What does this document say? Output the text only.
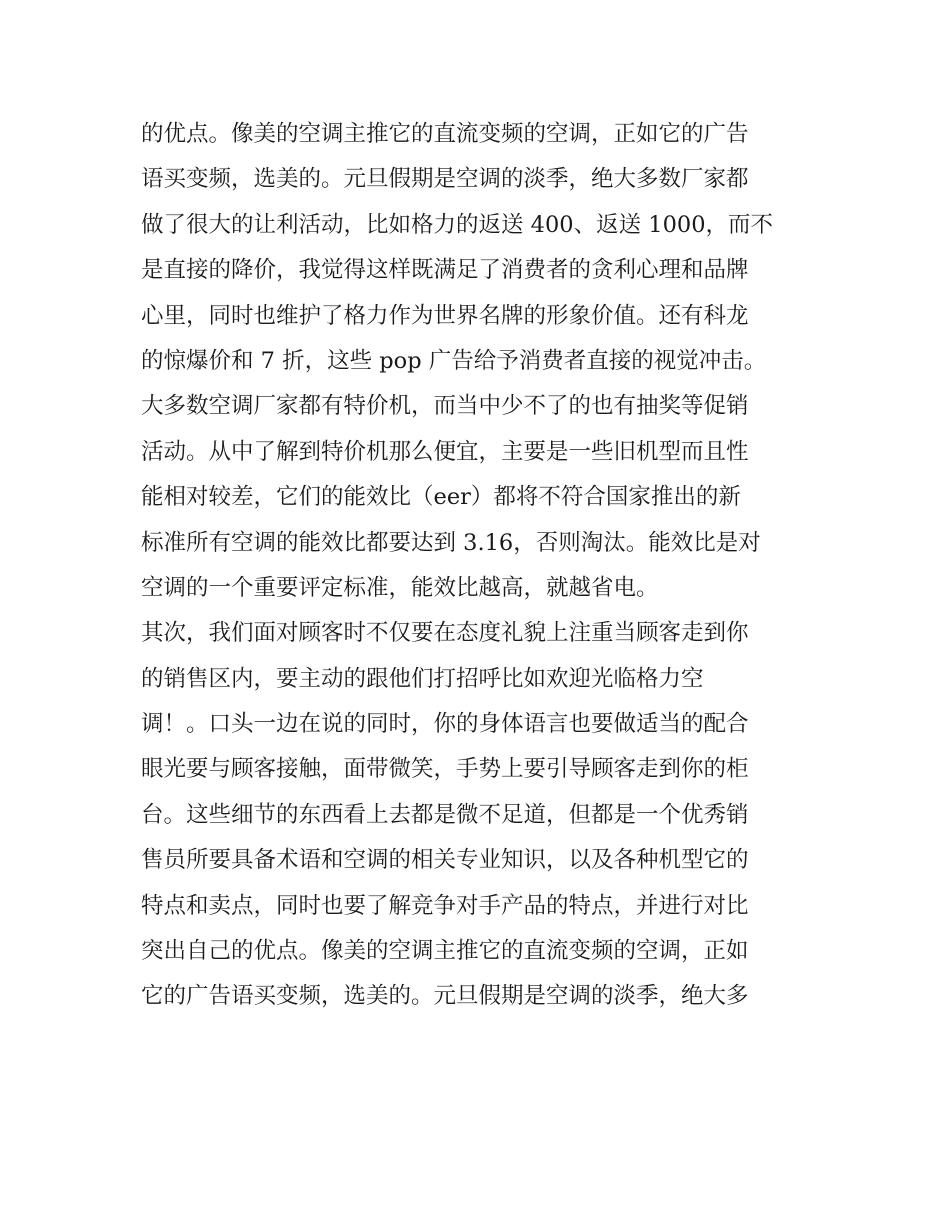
的优点。像美的空调主推它的直流变频的空调，正如它的广告
语买变频，选美的。元旦假期是空调的淡季，绝大多数厂家都
做了很大的让利活动，比如格力的返送 400、返送 1000，而不
是直接的降价，我觉得这样既满足了消费者的贪利心理和品牌
心里，同时也维护了格力作为世界名牌的形象价值。还有科龙
的惊爆价和 7 折，这些 pop 广告给予消费者直接的视觉冲击。
大多数空调厂家都有特价机，而当中少不了的也有抽奖等促销
活动。从中了解到特价机那么便宜，主要是一些旧机型而且性
能相对较差，它们的能效比（eer）都将不符合国家推出的新
标准所有空调的能效比都要达到 3.16，否则淘汰。能效比是对
空调的一个重要评定标准，能效比越高，就越省电。
其次，我们面对顾客时不仅要在态度礼貌上注重当顾客走到你
的销售区内，要主动的跟他们打招呼比如欢迎光临格力空
调！。口头一边在说的同时，你的身体语言也要做适当的配合
眼光要与顾客接触，面带微笑，手势上要引导顾客走到你的柜
台。这些细节的东西看上去都是微不足道，但都是一个优秀销
售员所要具备术语和空调的相关专业知识，以及各种机型它的
特点和卖点，同时也要了解竞争对手产品的特点，并进行对比
突出自己的优点。像美的空调主推它的直流变频的空调，正如
它的广告语买变频，选美的。元旦假期是空调的淡季，绝大多
